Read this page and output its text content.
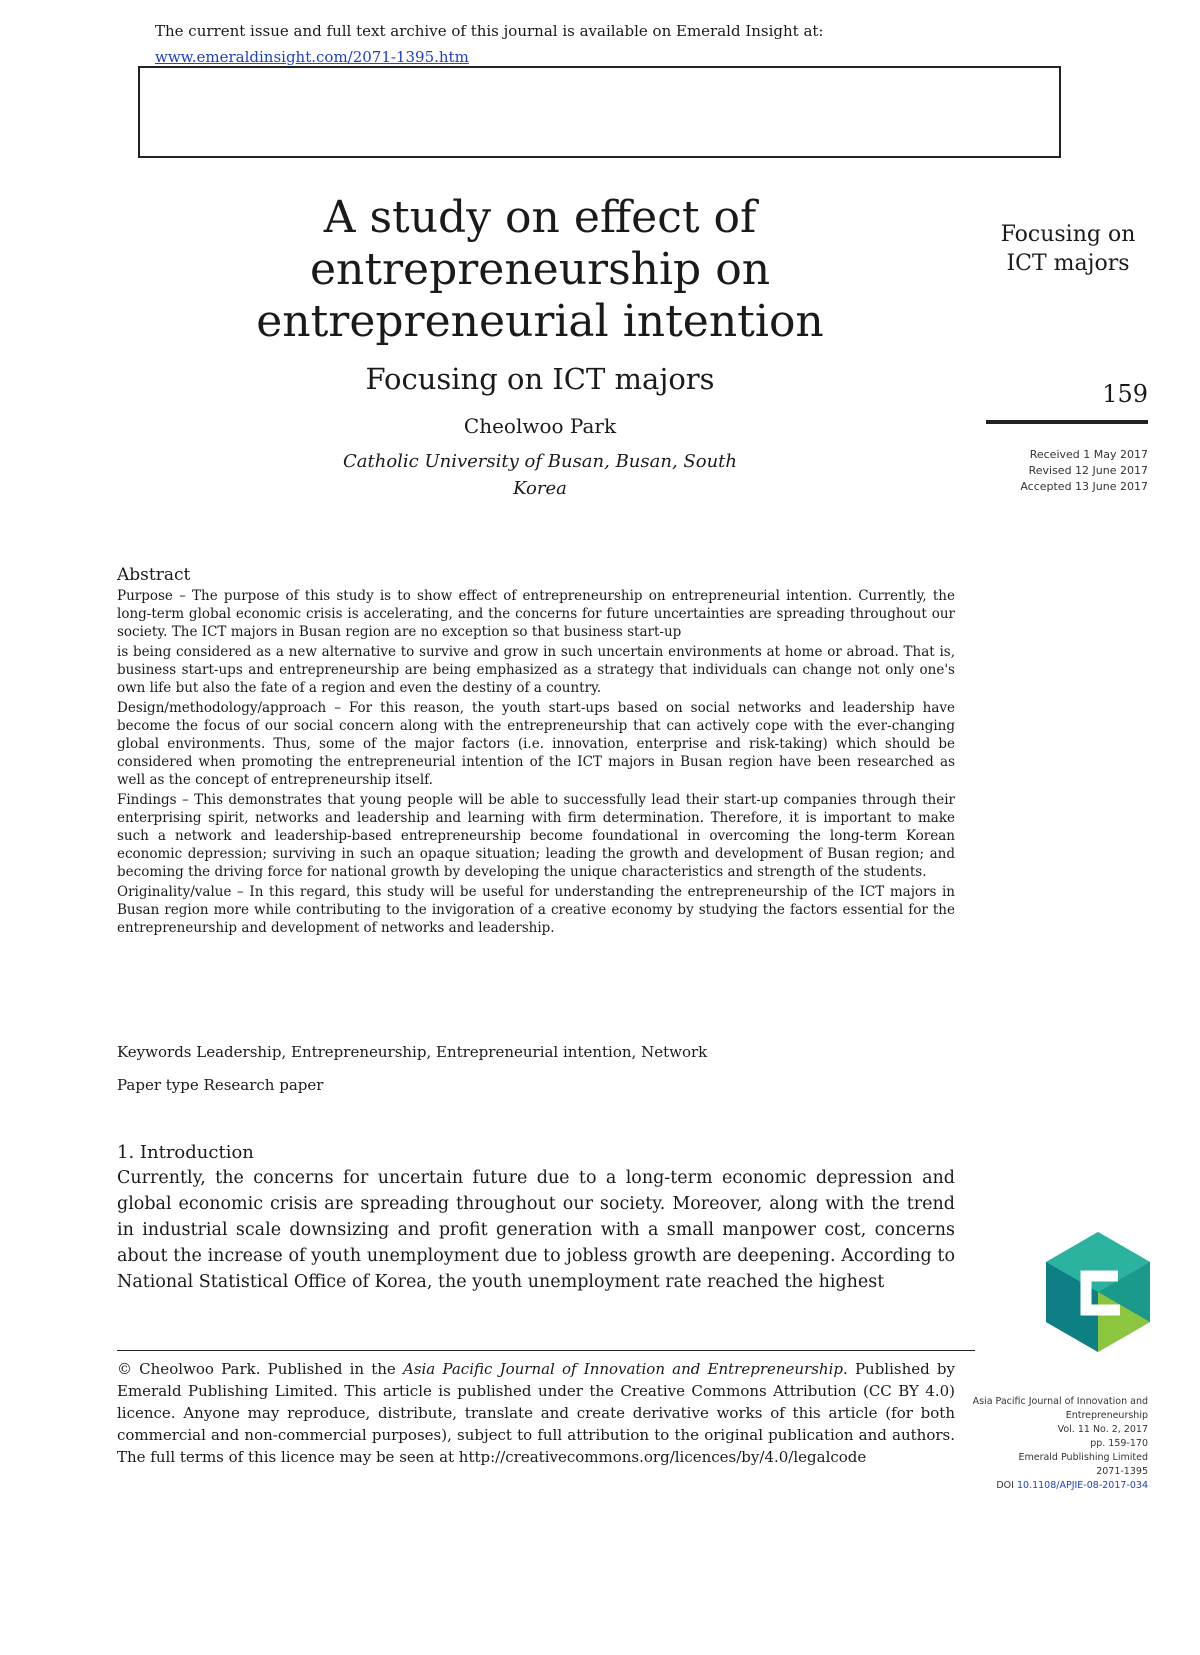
The current issue and full text archive of this journal is available on Emerald Insight at:
www.emeraldinsight.com/2071-1395.htm
A study on effect of
entrepreneurship on
entrepreneurial intention
Focusing on ICT majors
Cheolwoo Park
Catholic University of Busan, Busan, South
Korea
Focusing on
ICT majors
159
Received 1 May 2017
Revised 12 June 2017
Accepted 13 June 2017
Abstract

Purpose – The purpose of this study is to show effect of entrepreneurship on entrepreneurial intention. Currently, the long-term global economic crisis is accelerating, and the concerns for future uncertainties are spreading throughout our society. The ICT majors in Busan region are no exception so that business start-up

is being considered as a new alternative to survive and grow in such uncertain environments at home or abroad. That is, business start-ups and entrepreneurship are being emphasized as a strategy that individuals can change not only one's own life but also the fate of a region and even the destiny of a country.

Design/methodology/approach – For this reason, the youth start-ups based on social networks and leadership have become the focus of our social concern along with the entrepreneurship that can actively cope with the ever-changing global environments. Thus, some of the major factors (i.e. innovation, enterprise and risk-taking) which should be considered when promoting the entrepreneurial intention of the ICT majors in Busan region have been researched as well as the concept of entrepreneurship itself.

Findings – This demonstrates that young people will be able to successfully lead their start-up companies through their enterprising spirit, networks and leadership and learning with firm determination. Therefore, it is important to make such a network and leadership-based entrepreneurship become foundational in overcoming the long-term Korean economic depression; surviving in such an opaque situation; leading the growth and development of Busan region; and becoming the driving force for national growth by developing the unique characteristics and strength of the students.

Originality/value – In this regard, this study will be useful for understanding the entrepreneurship of the ICT majors in Busan region more while contributing to the invigoration of a creative economy by studying the factors essential for the entrepreneurship and development of networks and leadership.

Keywords Leadership, Entrepreneurship, Entrepreneurial intention, Network
Paper type Research paper
1. Introduction

Currently, the concerns for uncertain future due to a long-term economic depression and global economic crisis are spreading throughout our society. Moreover, along with the trend in industrial scale downsizing and profit generation with a small manpower cost, concerns about the increase of youth unemployment due to jobless growth are deepening. According to National Statistical Office of Korea, the youth unemployment rate reached the highest

© Cheolwoo Park. Published in the Asia Pacific Journal of Innovation and Entrepreneurship. Published by Emerald Publishing Limited. This article is published under the Creative Commons Attribution (CC BY 4.0) licence. Anyone may reproduce, distribute, translate and create derivative works of this article (for both commercial and non-commercial purposes), subject to full attribution to the original publication and authors. The full terms of this licence may be seen at http://creativecommons.org/licences/by/4.0/legalcode

Asia Pacific Journal of Innovation and
Entrepreneurship
Vol. 11 No. 2, 2017
pp. 159-170
Emerald Publishing Limited
2071-1395
DOI 10.1108/APJIE-08-2017-034
